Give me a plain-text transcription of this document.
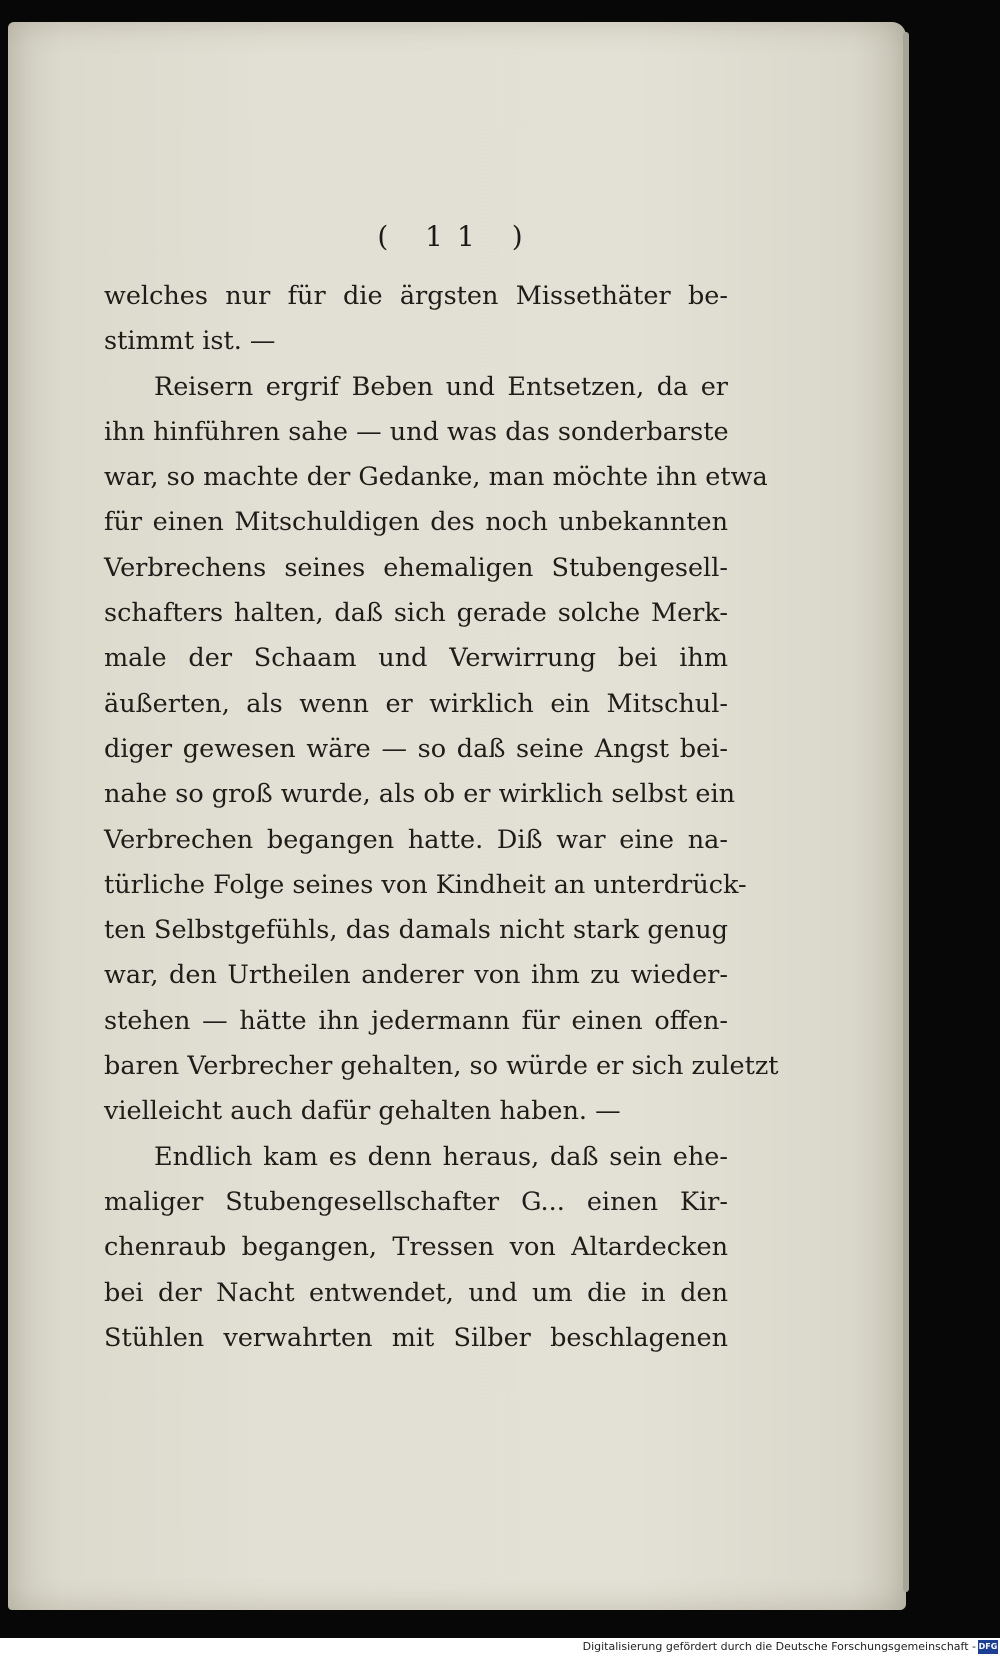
( 11 )
welches nur für die ärgsten Missethäter be-
stimmt ist. —
Reisern ergrif Beben und Entsetzen, da er
ihn hinführen sahe — und was das sonderbarste
war, so machte der Gedanke, man möchte ihn etwa
für einen Mitschuldigen des noch unbekannten
Verbrechens seines ehemaligen Stubengesell-
schafters halten, daß sich gerade solche Merk-
male der Schaam und Verwirrung bei ihm
äußerten, als wenn er wirklich ein Mitschul-
diger gewesen wäre — so daß seine Angst bei-
nahe so groß wurde, als ob er wirklich selbst ein
Verbrechen begangen hatte. Diß war eine na-
türliche Folge seines von Kindheit an unterdrück-
ten Selbstgefühls, das damals nicht stark genug
war, den Urtheilen anderer von ihm zu wieder-
stehen — hätte ihn jedermann für einen offen-
baren Verbrecher gehalten, so würde er sich zuletzt
vielleicht auch dafür gehalten haben. —
Endlich kam es denn heraus, daß sein ehe-
maliger Stubengesellschafter G... einen Kir-
chenraub begangen, Tressen von Altardecken
bei der Nacht entwendet, und um die in den
Stühlen verwahrten mit Silber beschlagenen
Digitalisierung gefördert durch die Deutsche Forschungsgemeinschaft - DFG
